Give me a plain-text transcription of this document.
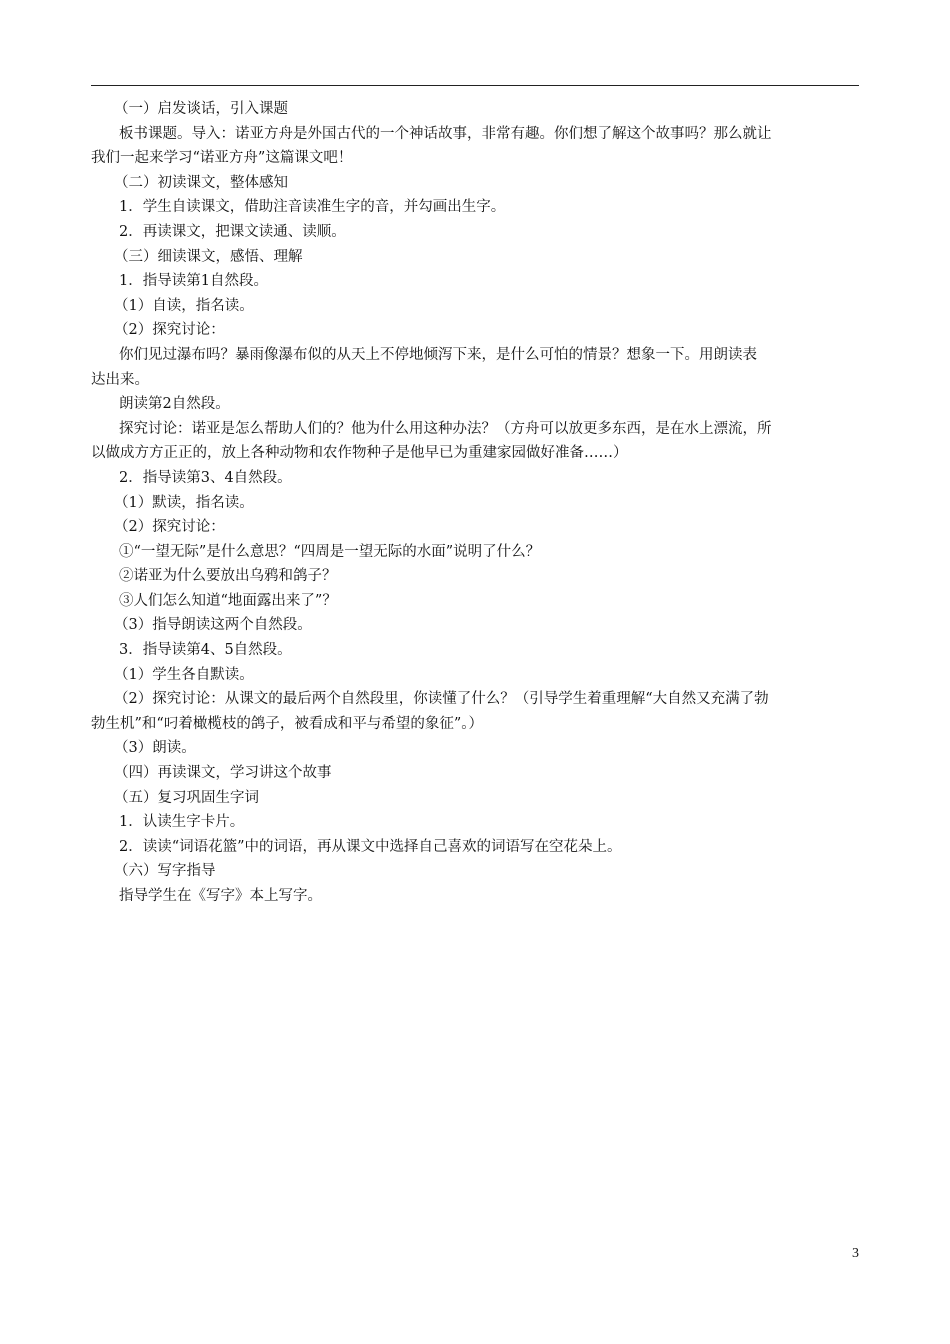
（一）启发谈话，引入课题
板书课题。导入：诺亚方舟是外国古代的一个神话故事，非常有趣。你们想了解这个故事吗？那么就让
我们一起来学习“诺亚方舟”这篇课文吧！
（二）初读课文，整体感知
1．学生自读课文，借助注音读准生字的音，并勾画出生字。
2．再读课文，把课文读通、读顺。
（三）细读课文，感悟、理解
1．指导读第1自然段。
（1）自读，指名读。
（2）探究讨论：
你们见过瀑布吗？暴雨像瀑布似的从天上不停地倾泻下来，是什么可怕的情景？想象一下。用朗读表
达出来。
朗读第2自然段。
探究讨论：诺亚是怎么帮助人们的？他为什么用这种办法？（方舟可以放更多东西，是在水上漂流，所
以做成方方正正的，放上各种动物和农作物种子是他早已为重建家园做好准备……）
2．指导读第3、4自然段。
（1）默读，指名读。
（2）探究讨论：
①“一望无际”是什么意思？“四周是一望无际的水面”说明了什么？
②诺亚为什么要放出乌鸦和鸽子？
③人们怎么知道“地面露出来了”？
（3）指导朗读这两个自然段。
3．指导读第4、5自然段。
（1）学生各自默读。
（2）探究讨论：从课文的最后两个自然段里，你读懂了什么？（引导学生着重理解“大自然又充满了勃
勃生机”和“叼着橄榄枝的鸽子，被看成和平与希望的象征”。）
（3）朗读。
（四）再读课文，学习讲这个故事
（五）复习巩固生字词
1．认读生字卡片。
2．读读“词语花篮”中的词语，再从课文中选择自己喜欢的词语写在空花朵上。
（六）写字指导
指导学生在《写字》本上写字。
3
